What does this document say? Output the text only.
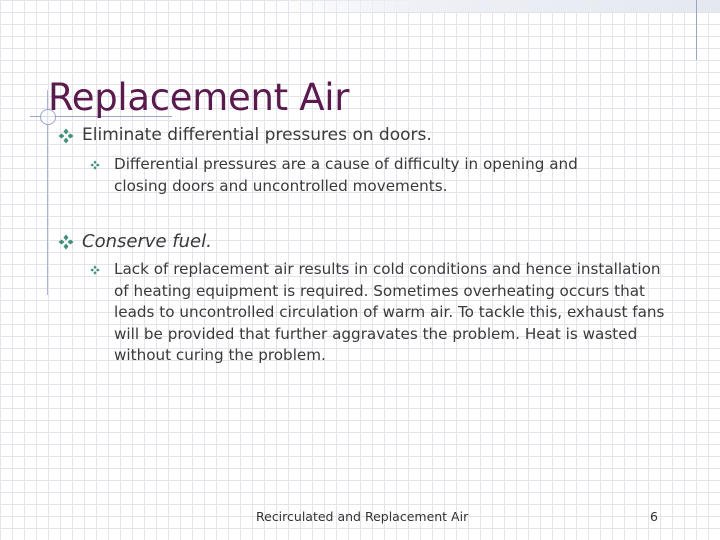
Replacement Air
Eliminate differential pressures on doors.
Differential pressures are a cause of difficulty in opening and closing doors and uncontrolled movements.
Conserve fuel.
Lack of replacement air results in cold conditions and hence installation of heating equipment is required. Sometimes overheating occurs that leads to uncontrolled circulation of warm air. To tackle this, exhaust fans will be provided that further aggravates the problem. Heat is wasted without curing the problem.
Recirculated and Replacement Air	6
